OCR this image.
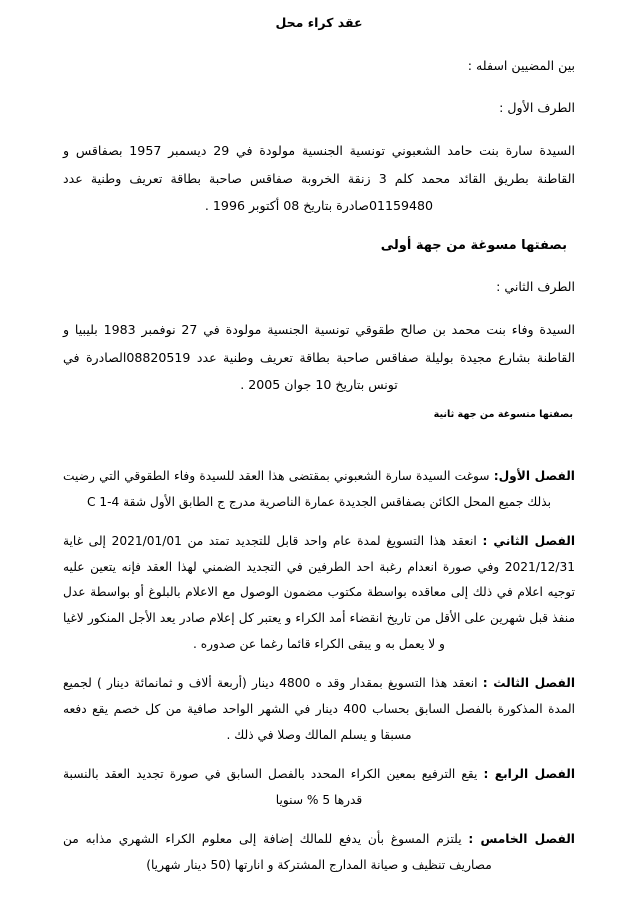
عقد كراء محل

بين المضيين اسفله :

الطرف الأول :

السيدة سارة بنت حامد الشعبوني تونسية الجنسية مولودة في 29 ديسمبر 1957 بصفاقس و القاطنة بطريق القائد محمد كلم 3 زنقة الخروبة صفاقس صاحبة بطاقة تعريف وطنية عدد 01159480صادرة بتاريخ 08 أكتوبر 1996 .

بصفتها مسوغة من جهة أولى

الطرف الثاني :

السيدة وفاء بنت محمد بن صالح طقوقي تونسية الجنسية مولودة في 27 نوفمبر 1983 بليبيا و القاطنة بشارع مجيدة بوليلة صفاقس صاحبة بطاقة تعريف وطنية عدد 08820519الصادرة في تونس بتاريخ 10 جوان 2005 .

بصفتها متسوغة من جهة ثانية

الفصل الأول: سوغت السيدة سارة الشعبوني بمقتضى هذا العقد للسيدة وفاء الطقوقي التي رضيت بذلك جميع المحل الكائن بصفاقس الجديدة عمارة الناصرية مدرج ج الطابق الأول شقة 4-1 C

الفصل الثاني : انعقد هذا التسويغ لمدة عام واحد قابل للتجديد تمتد من 2021/01/01 إلى غاية 2021/12/31 وفي صورة انعدام رغبة احد الطرفين في التجديد الضمني لهذا العقد فإنه يتعين عليه توجيه اعلام في ذلك إلى معاقده بواسطة مكتوب مضمون الوصول مع الاعلام بالبلوغ أو بواسطة عدل منفذ قبل شهرين على الأقل من تاريخ انقضاء أمد الكراء و يعتبر كل إعلام صادر يعد الأجل المنكور لاغيا و لا يعمل به و يبقى الكراء قائما رغما عن صدوره .

الفصل الثالث : انعقد هذا التسويغ بمقدار وقد ه 4800 دينار (أربعة ألاف و ثمانمائة دينار ) لجميع المدة المذكورة بالفصل السابق بحساب 400 دينار في الشهر الواحد صافية من كل خصم يقع دفعه مسبقا و يسلم المالك وصلا في ذلك .

الفصل الرابع : يقع الترفيع بمعين الكراء المحدد بالفصل السابق في صورة تجديد العقد بالنسبة قدرها 5 % سنويا

الفصل الخامس : يلتزم المسوغ بأن يدفع للمالك إضافة إلى معلوم الكراء الشهري مذابه من مصاريف تنظيف و صيانة المدارج المشتركة و انارتها (50 دينار شهريا)
